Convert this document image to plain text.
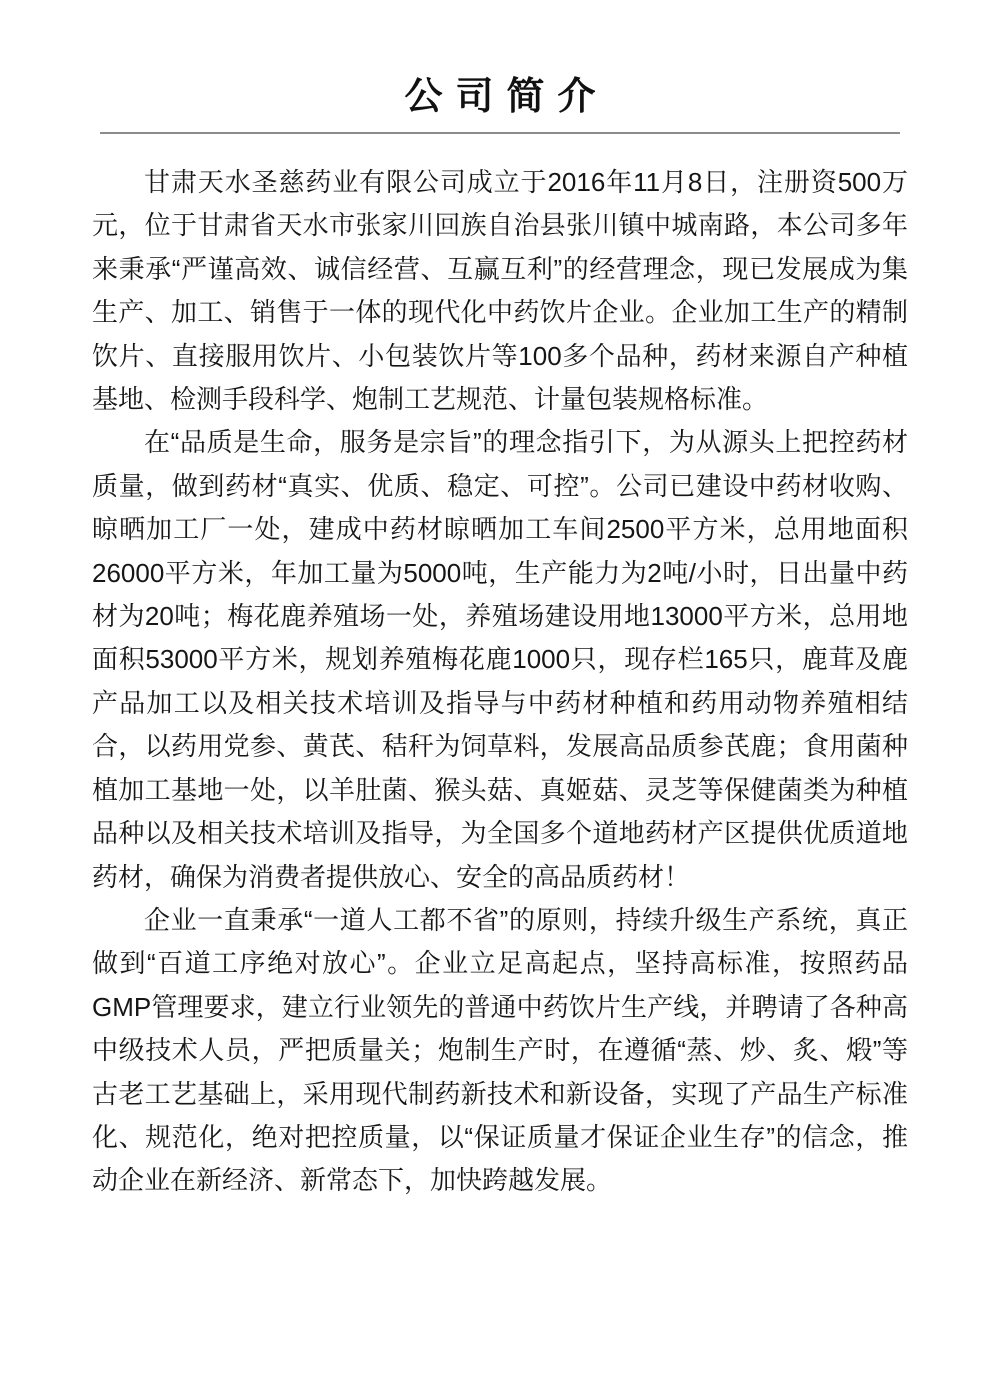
公司简介

甘肃天水圣慈药业有限公司成立于2016年11月8日，注册资500万元，位于甘肃省天水市张家川回族自治县张川镇中城南路，本公司多年来秉承“严谨高效、诚信经营、互赢互利”的经营理念，现已发展成为集生产、加工、销售于一体的现代化中药饮片企业。企业加工生产的精制饮片、直接服用饮片、小包装饮片等100多个品种，药材来源自产种植基地、检测手段科学、炮制工艺规范、计量包装规格标准。

在“品质是生命，服务是宗旨”的理念指引下，为从源头上把控药材质量，做到药材“真实、优质、稳定、可控”。公司已建设中药材收购、晾晒加工厂一处，建成中药材晾晒加工车间2500平方米，总用地面积26000平方米，年加工量为5000吨，生产能力为2吨/小时，日出量中药材为20吨；梅花鹿养殖场一处，养殖场建设用地13000平方米，总用地面积53000平方米，规划养殖梅花鹿1000只，现存栏165只，鹿茸及鹿产品加工以及相关技术培训及指导与中药材种植和药用动物养殖相结合，以药用党参、黄芪、秸秆为饲草料，发展高品质参芪鹿；食用菌种植加工基地一处，以羊肚菌、猴头菇、真姬菇、灵芝等保健菌类为种植品种以及相关技术培训及指导，为全国多个道地药材产区提供优质道地药材，确保为消费者提供放心、安全的高品质药材！

企业一直秉承“一道人工都不省”的原则，持续升级生产系统，真正做到“百道工序绝对放心”。企业立足高起点，坚持高标准，按照药品GMP管理要求，建立行业领先的普通中药饮片生产线，并聘请了各种高中级技术人员，严把质量关；炮制生产时，在遵循“蒸、炒、炙、煅”等古老工艺基础上，采用现代制药新技术和新设备，实现了产品生产标准化、规范化，绝对把控质量，以“保证质量才保证企业生存”的信念，推动企业在新经济、新常态下，加快跨越发展。
